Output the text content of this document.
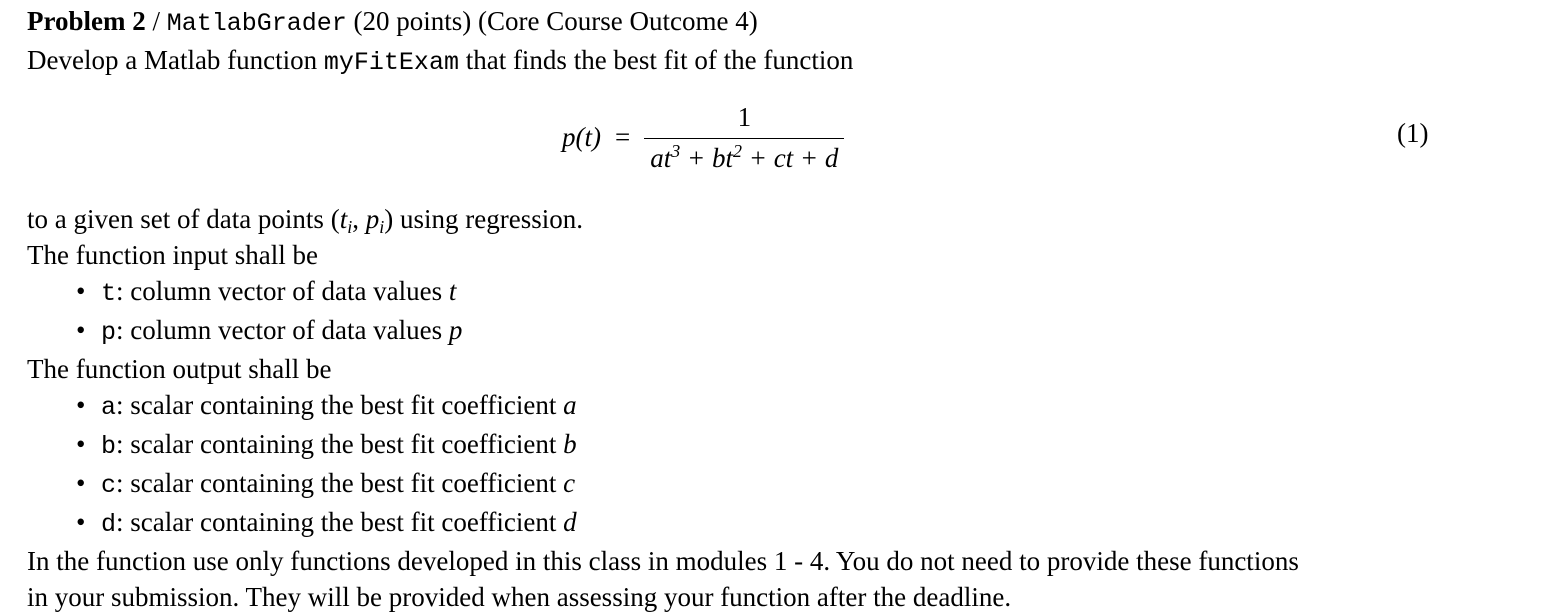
Problem 2 / MatlabGrader (20 points) (Core Course Outcome 4)
Develop a Matlab function myFitExam that finds the best fit of the function
$p(t) = \frac{1}{at^3 + bt^2 + ct + d}$	(1)
to a given set of data points ($t_i$, $p_i$) using regression.
The function input shall be
• t: column vector of data values t
• p: column vector of data values p
The function output shall be
• a: scalar containing the best fit coefficient a
• b: scalar containing the best fit coefficient b
• c: scalar containing the best fit coefficient c
• d: scalar containing the best fit coefficient d
In the function use only functions developed in this class in modules 1 - 4. You do not need to provide these functions
in your submission. They will be provided when assessing your function after the deadline.
